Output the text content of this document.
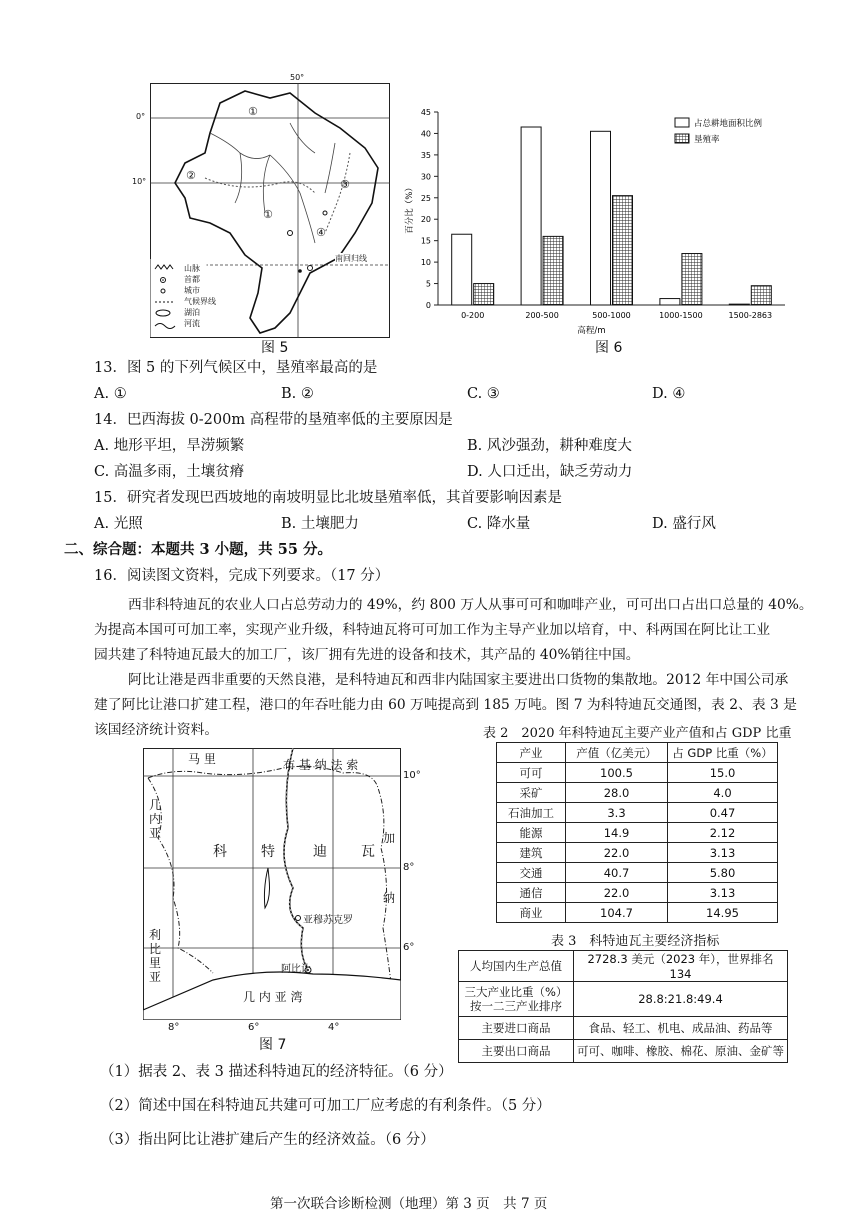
0°
10°
50°
南回归线
①
①
②
③
④
山脉
首都
城市
气候界线
湖泊
河流
图 5
0
5
10
15
20
25
30
35
40
45
0-200	200-500	500-1000	1000-1500	1500-2863
高程/m
百分比（%）
占总耕地面积比例
垦殖率
图 6
13．图 5 的下列气候区中，垦殖率最高的是
A. ①	B. ②	C. ③	D. ④
14．巴西海拔 0-200m 高程带的垦殖率低的主要原因是
A. 地形平坦，旱涝频繁	B. 风沙强劲，耕种难度大
C. 高温多雨，土壤贫瘠	D. 人口迁出，缺乏劳动力
15．研究者发现巴西坡地的南坡明显比北坡垦殖率低，其首要影响因素是
A. 光照	B. 土壤肥力	C. 降水量	D. 盛行风
二、综合题：本题共 3 小题，共 55 分。
16．阅读图文资料，完成下列要求。（17 分）
西非科特迪瓦的农业人口占总劳动力的 49%，约 800 万人从事可可和咖啡产业，可可出口占出口总量的 40%。
为提高本国可可加工率，实现产业升级，科特迪瓦将可可加工作为主导产业加以培育，中、科两国在阿比让工业
园共建了科特迪瓦最大的加工厂，该厂拥有先进的设备和技术，其产品的 40%销往中国。
阿比让港是西非重要的天然良港，是科特迪瓦和西非内陆国家主要进出口货物的集散地。2012 年中国公司承
建了阿比让港口扩建工程，港口的年吞吐能力由 60 万吨提高到 185 万吨。图 7 为科特迪瓦交通图，表 2、表 3 是
该国经济统计资料。
马 里	布 基 纳 法 索
几
内
亚
利
比
里
亚
加
纳
科 特	迪 瓦
亚穆苏克罗
阿比让
几 内 亚 湾
10°
8°
6°
8°	6°	4°
图 7
表 2　2020 年科特迪瓦主要产业产值和占 GDP 比重
产业	产值（亿美元）	占 GDP 比重（%）
可可	100.5	15.0
采矿	28.0	4.0
石油加工	3.3	0.47
能源	14.9	2.12
建筑	22.0	3.13
交通	40.7	5.80
通信	22.0	3.13
商业	104.7	14.95
表 3　科特迪瓦主要经济指标
人均国内生产总值	2728.3 美元（2023 年），世界排名 134

三大产业比重（%）
按一二三产业排序	28.8:21.8:49.4
主要进口商品	食品、轻工、机电、成品油、药品等
主要出口商品	可可、咖啡、橡胶、棉花、原油、金矿等
（1）据表 2、表 3 描述科特迪瓦的经济特征。（6 分）
（2）简述中国在科特迪瓦共建可可加工厂应考虑的有利条件。（5 分）
（3）指出阿比让港扩建后产生的经济效益。（6 分）
第一次联合诊断检测（地理）第 3 页　共 7 页
